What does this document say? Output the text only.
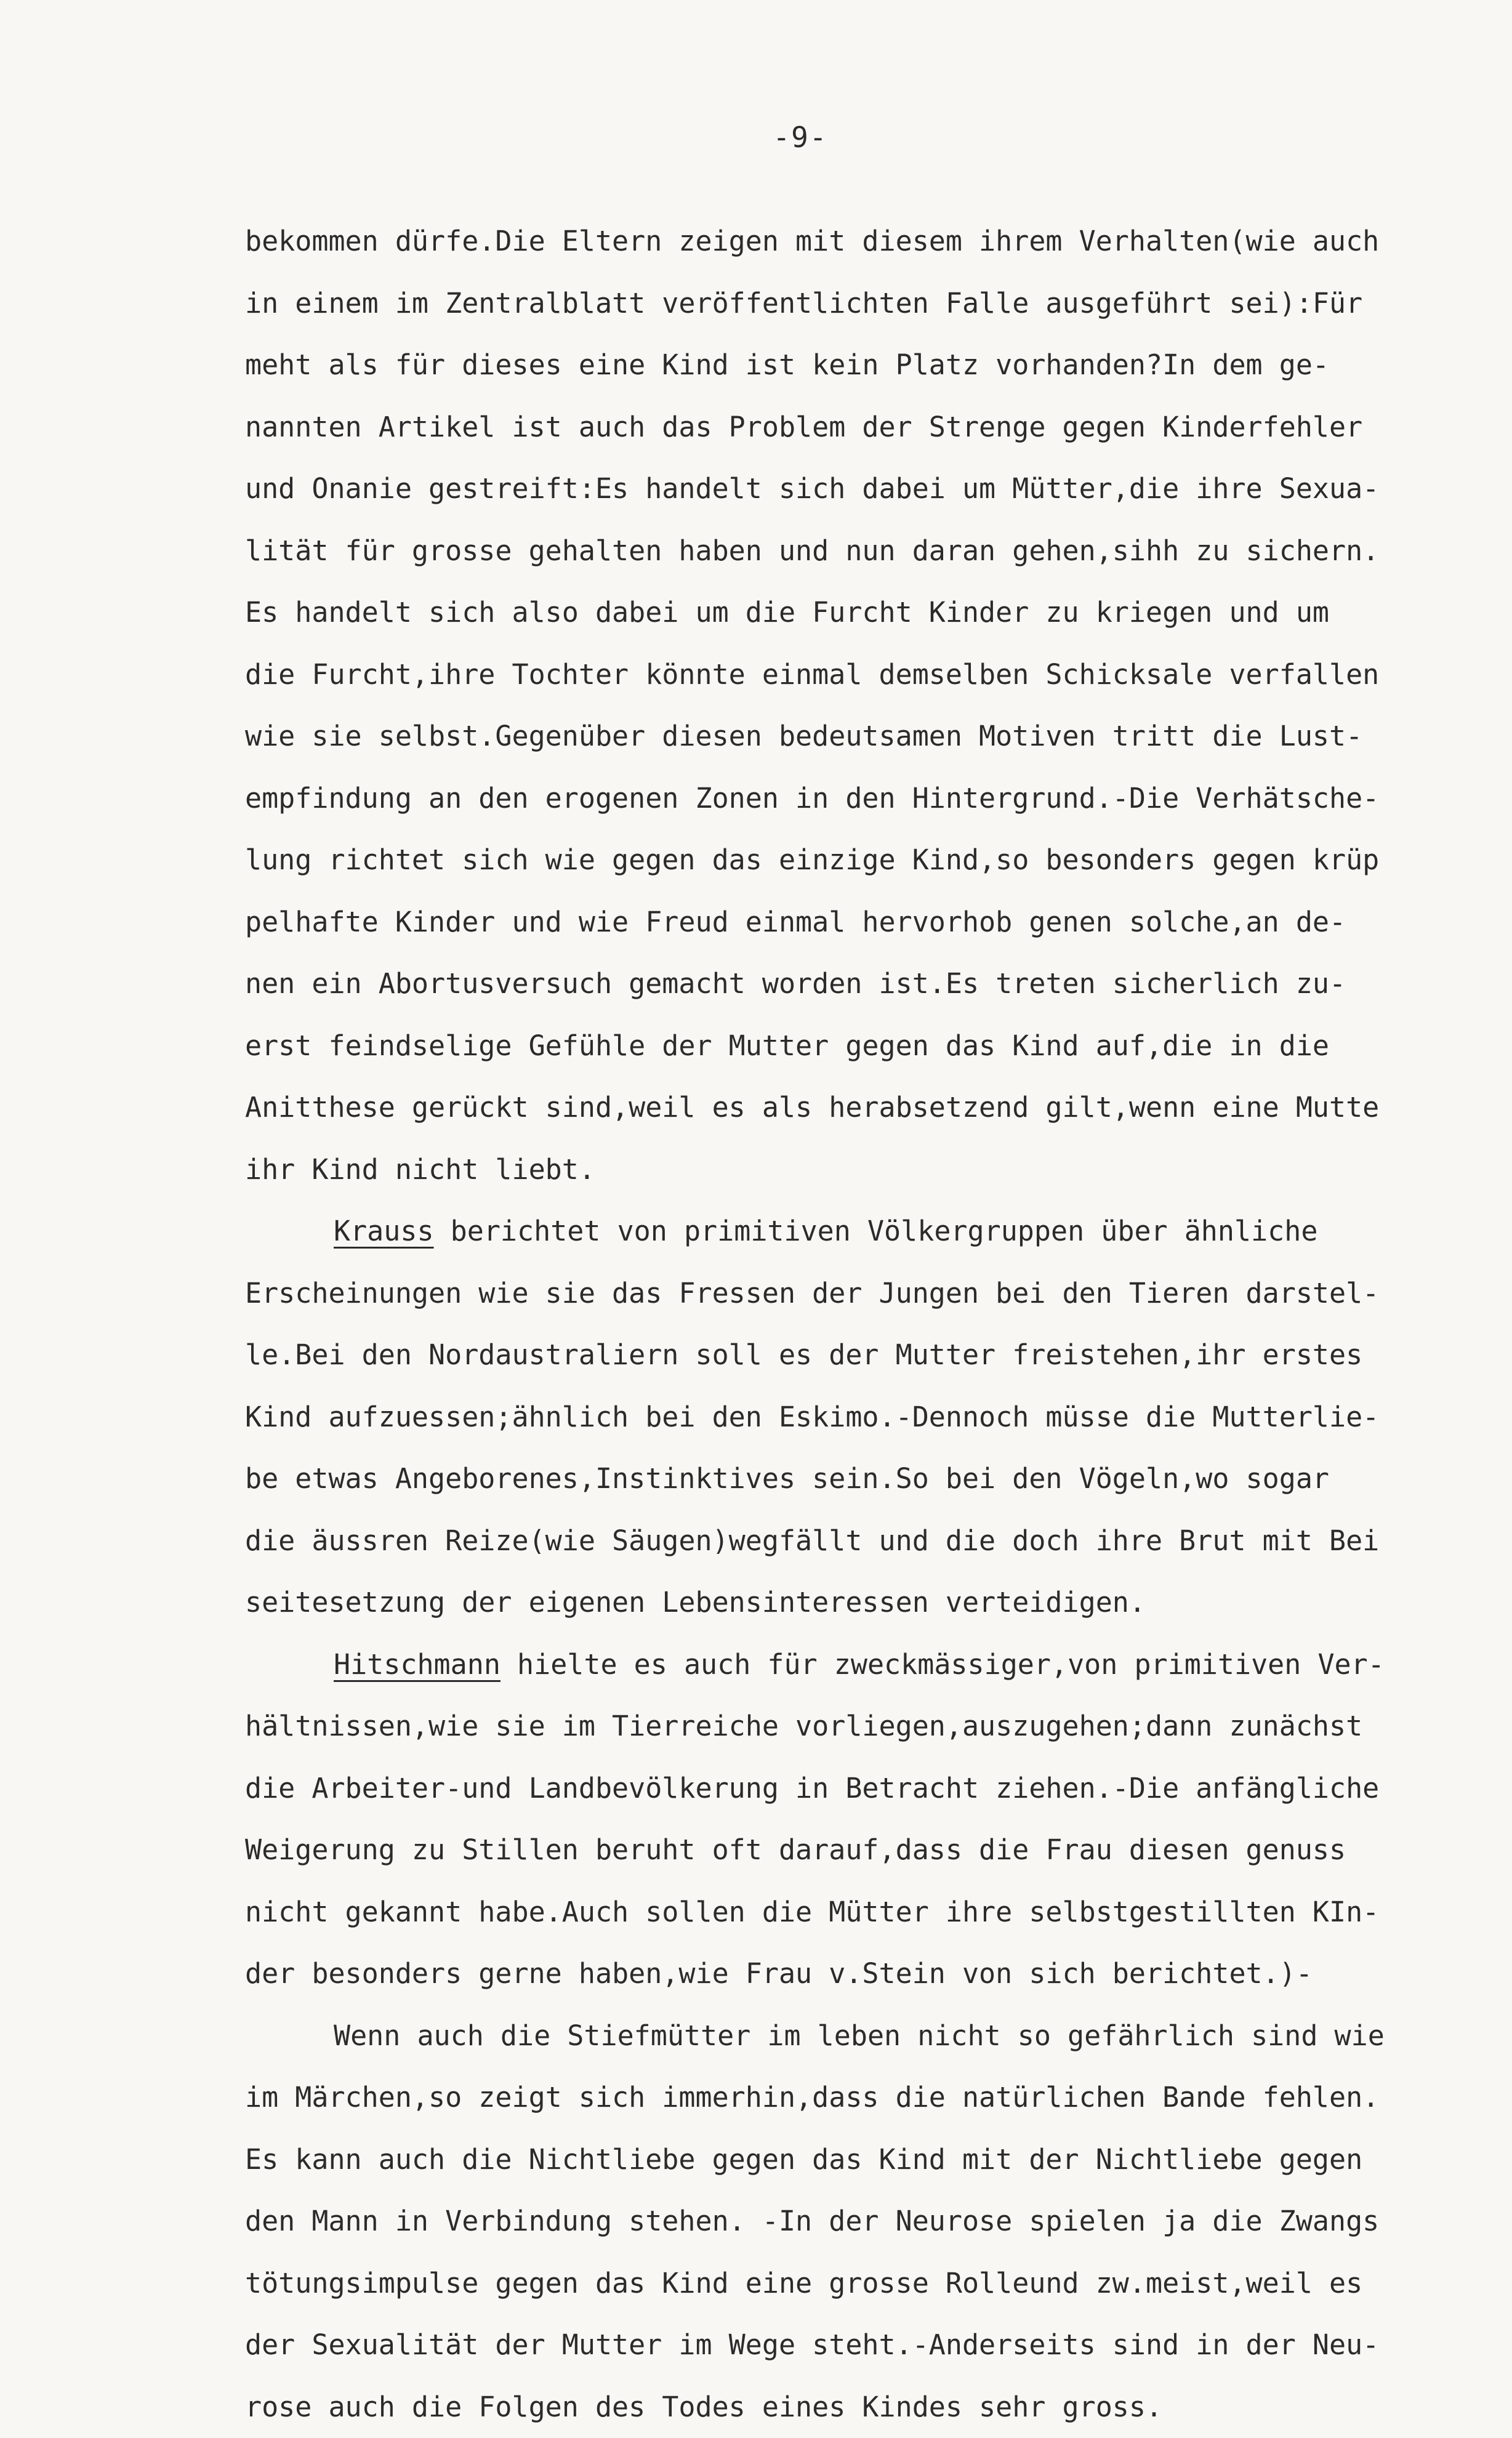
-9-
bekommen dürfe.Die Eltern zeigen mit diesem ihrem Verhalten(wie auch
in einem im Zentralblatt veröffentlichten Falle ausgeführt sei):Für
meht als für dieses eine Kind ist kein Platz vorhanden?In dem ge-
nannten Artikel ist auch das Problem der Strenge gegen Kinderfehler
und Onanie gestreift:Es handelt sich dabei um Mütter,die ihre Sexua-
lität für grosse gehalten haben und nun daran gehen,sihh zu sichern.
Es handelt sich also dabei um die Furcht Kinder zu kriegen und um
die Furcht,ihre Tochter könnte einmal demselben Schicksale verfallen
wie sie selbst.Gegenüber diesen bedeutsamen Motiven tritt die Lust-
empfindung an den erogenen Zonen in den Hintergrund.-Die Verhätsche-
lung richtet sich wie gegen das einzige Kind,so besonders gegen krüp
pelhafte Kinder und wie Freud einmal hervorhob genen solche,an de-
nen ein Abortusversuch gemacht worden ist.Es treten sicherlich zu-
erst feindselige Gefühle der Mutter gegen das Kind auf,die in die
Anitthese gerückt sind,weil es als herabsetzend gilt,wenn eine Mutte
ihr Kind nicht liebt.
Krauss berichtet von primitiven Völkergruppen über ähnliche
Erscheinungen wie sie das Fressen der Jungen bei den Tieren darstel-
le.Bei den Nordaustraliern soll es der Mutter freistehen,ihr erstes
Kind aufzuessen;ähnlich bei den Eskimo.-Dennoch müsse die Mutterlie-
be etwas Angeborenes,Instinktives sein.So bei den Vögeln,wo sogar
die äussren Reize(wie Säugen)wegfällt und die doch ihre Brut mit Bei
seitesetzung der eigenen Lebensinteressen verteidigen.
Hitschmann hielte es auch für zweckmässiger,von primitiven Ver-
hältnissen,wie sie im Tierreiche vorliegen,auszugehen;dann zunächst
die Arbeiter-und Landbevölkerung in Betracht ziehen.-Die anfängliche
Weigerung zu Stillen beruht oft darauf,dass die Frau diesen genuss
nicht gekannt habe.Auch sollen die Mütter ihre selbstgestillten KIn-
der besonders gerne haben,wie Frau v.Stein von sich berichtet.)-
Wenn auch die Stiefmütter im leben nicht so gefährlich sind wie
im Märchen,so zeigt sich immerhin,dass die natürlichen Bande fehlen.
Es kann auch die Nichtliebe gegen das Kind mit der Nichtliebe gegen
den Mann in Verbindung stehen. -In der Neurose spielen ja die Zwangs
tötungsimpulse gegen das Kind eine grosse Rolleund zw.meist,weil es
der Sexualität der Mutter im Wege steht.-Anderseits sind in der Neu-
rose auch die Folgen des Todes eines Kindes sehr gross.
